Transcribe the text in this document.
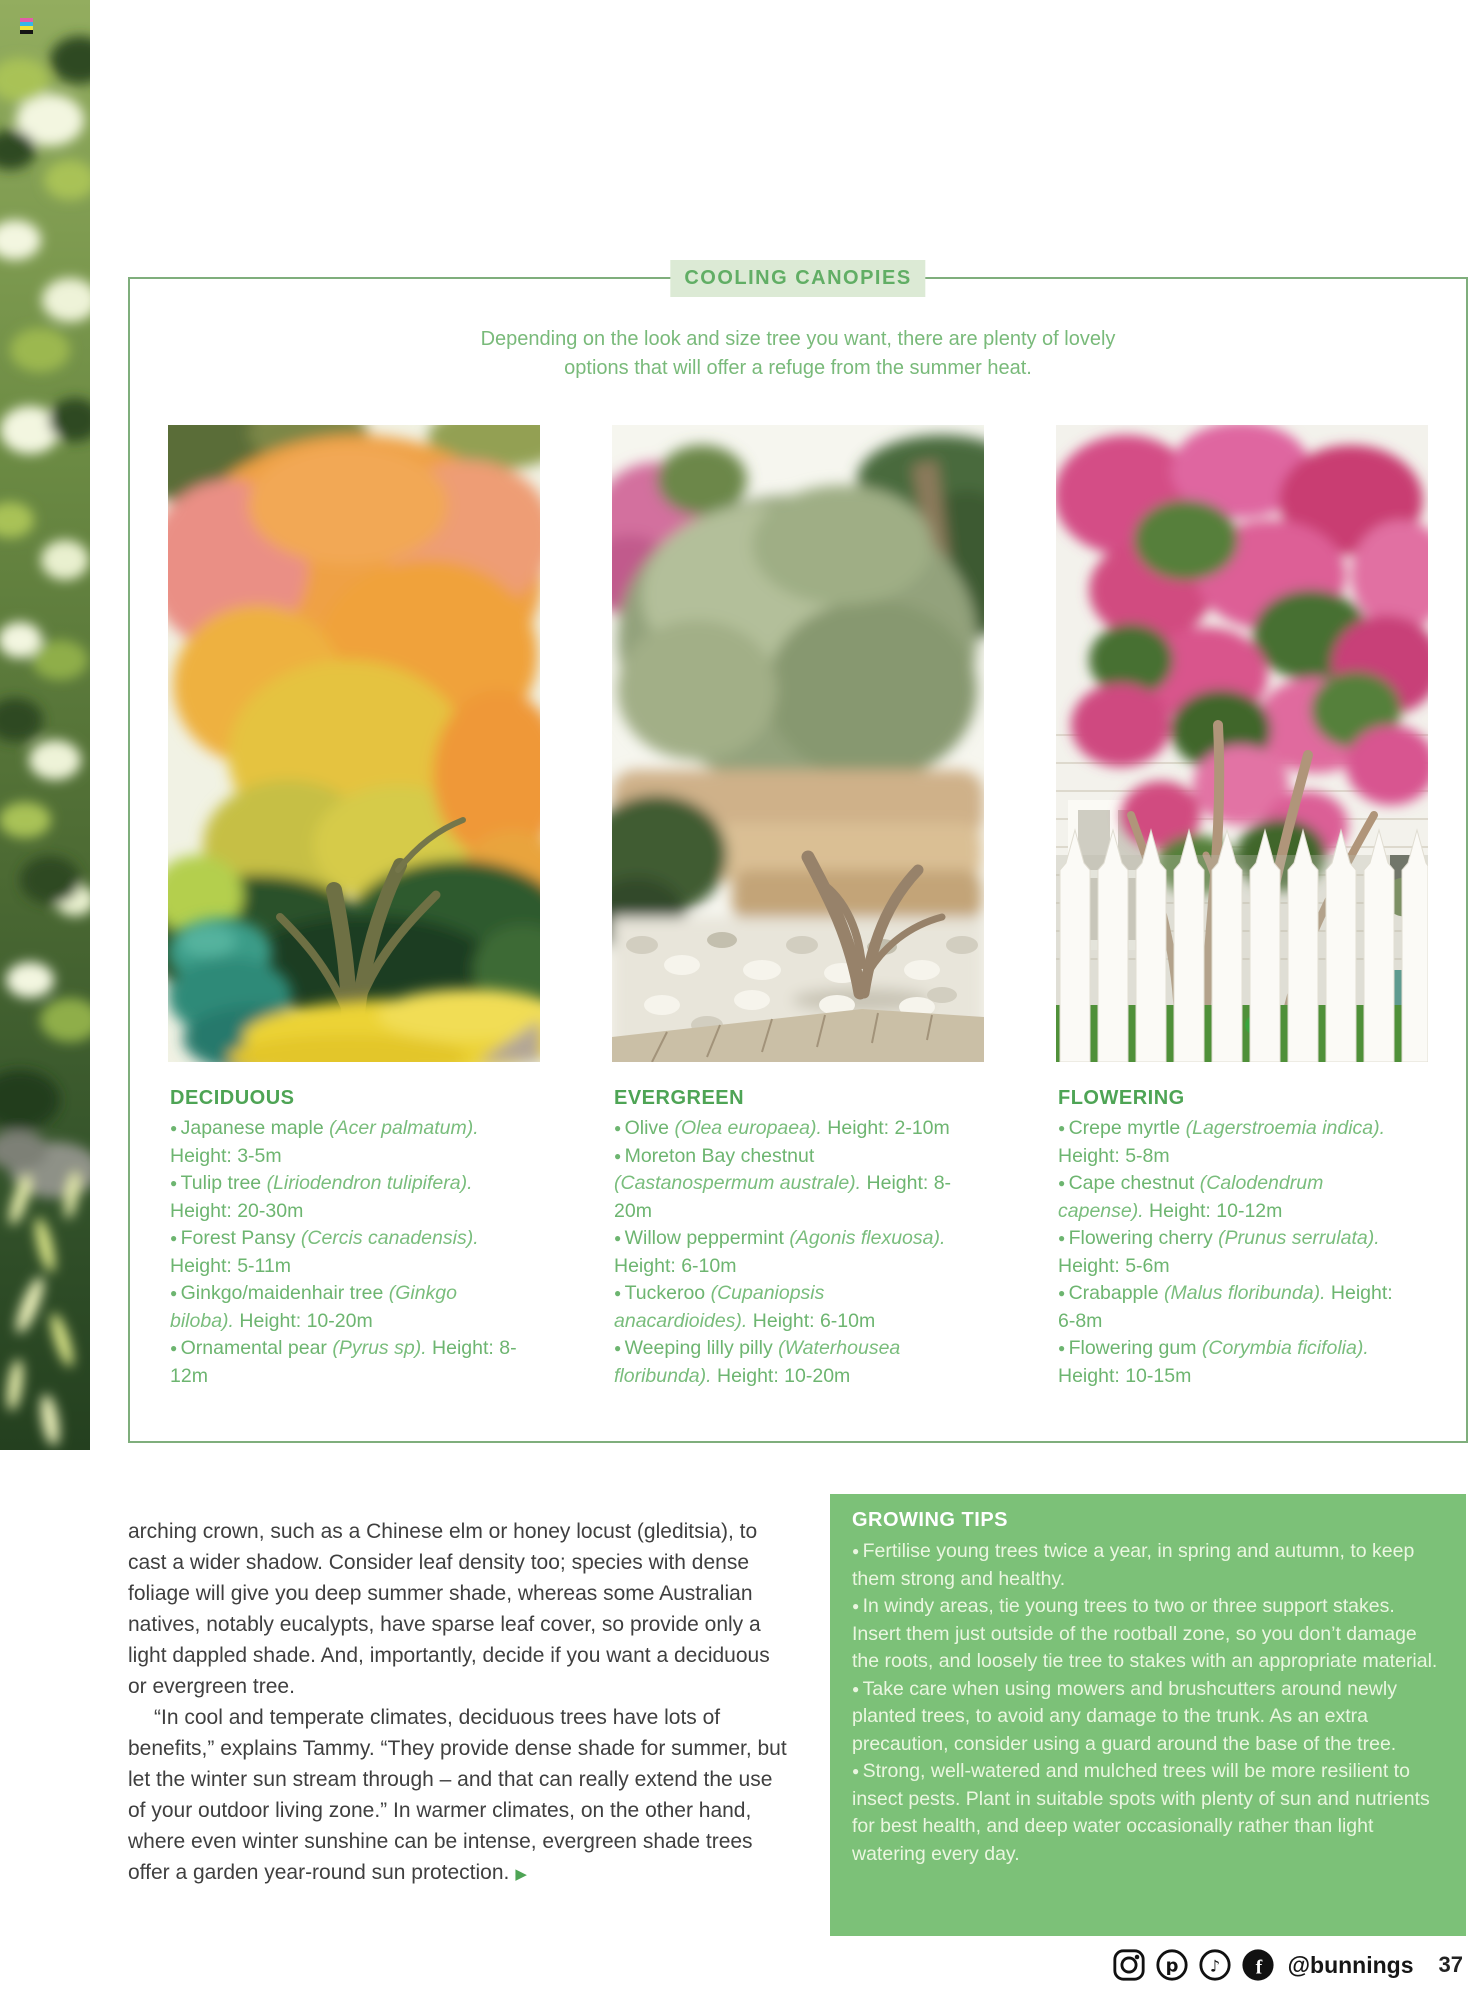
COOLING CANOPIES
Depending on the look and size tree you want, there are plenty of lovely
options that will offer a refuge from the summer heat.
DECIDUOUS

● Japanese maple (Acer palmatum). Height: 3-5m

● Tulip tree (Liriodendron tulipifera). Height: 20-30m

● Forest Pansy (Cercis canadensis). Height: 5-11m

● Ginkgo/maidenhair tree (Ginkgo biloba). Height: 10-20m

● Ornamental pear (Pyrus sp). Height: 8-12m

EVERGREEN

● Olive (Olea europaea). Height: 2-10m

● Moreton Bay chestnut (Castanospermum australe). Height: 8-20m

● Willow peppermint (Agonis flexuosa). Height: 6-10m

● Tuckeroo (Cupaniopsis anacardioides). Height: 6-10m

● Weeping lilly pilly (Waterhousea floribunda). Height: 10-20m

FLOWERING

● Crepe myrtle (Lagerstroemia indica). Height: 5-8m

● Cape chestnut (Calodendrum capense). Height: 10-12m

● Flowering cherry (Prunus serrulata). Height: 5-6m

● Crabapple (Malus floribunda). Height: 6-8m

● Flowering gum (Corymbia ficifolia). Height: 10-15m

arching crown, such as a Chinese elm or honey locust (gleditsia), to cast a wider shadow. Consider leaf density too; species with dense foliage will give you deep summer shade, whereas some Australian natives, notably eucalypts, have sparse leaf cover, so provide only a light dappled shade. And, importantly, decide if you want a deciduous or evergreen tree.

“In cool and temperate climates, deciduous trees have lots of benefits,” explains Tammy. “They provide dense shade for summer, but let the winter sun stream through – and that can really extend the use of your outdoor living zone.” In warmer climates, on the other hand, where even winter sunshine can be intense, evergreen shade trees offer a garden year-round sun protection. ▶

GROWING TIPS

● Fertilise young trees twice a year, in spring and autumn, to keep them strong and healthy.

● In windy areas, tie young trees to two or three support stakes. Insert them just outside of the rootball zone, so you don’t damage the roots, and loosely tie tree to stakes with an appropriate material.

● Take care when using mowers and brushcutters around newly planted trees, to avoid any damage to the trunk. As an extra precaution, consider using a guard around the base of the tree.

● Strong, well-watered and mulched trees will be more resilient to insect pests. Plant in suitable spots with plenty of sun and nutrients for best health, and deep water occasionally rather than light watering every day.

p ♪ f @bunnings 37
